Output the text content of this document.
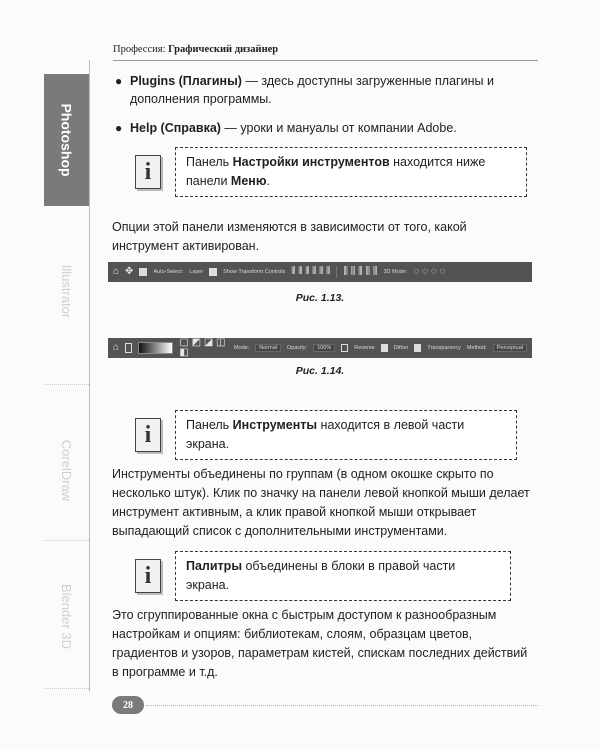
Профессия: Графический дизайнер
Photoshop
Illustrator
CorelDraw
Blender 3D
● Plugins (Плагины) — здесь доступны загруженные плагины и дополнения программы.
● Help (Справка) — уроки и мануалы от компании Adobe.
i	Панель Настройки инструментов находится ниже панели Меню.

Опции этой панели изменяются в зависимости от того, какой инструмент активирован.

⌂ ✥	Auto-Select: Layer	Show Transform Controls ⫴ ⫴ ⫴ ⫴ ⫴ ⫴ ⫼ ⫼ ⫼ ⫼ ⫼ 3D Mode: ◌ ◌ ◌ ◌
Рис. 1.13.
⌂	▢ ◩ ◪ ◫ ◧	Mode:	Normal	Opacity:	100%	Reverse	Dither	Transparency Method:	Perceptual
Рис. 1.14.
i	Панель Инструменты находится в левой части экрана.

Инструменты объединены по группам (в одном окошке скрыто по несколько штук). Клик по значку на панели левой кнопкой мыши делает инструмент активным, а клик правой кнопкой мыши открывает выпадающий список с дополнительными инструментами.

i	Палитры объединены в блоки в правой части экрана.

Это сгруппированные окна с быстрым доступом к разнообразным настройкам и опциям: библиотекам, слоям, образцам цветов, градиентов и узоров, параметрам кистей, спискам последних действий в программе и т.д.

28
